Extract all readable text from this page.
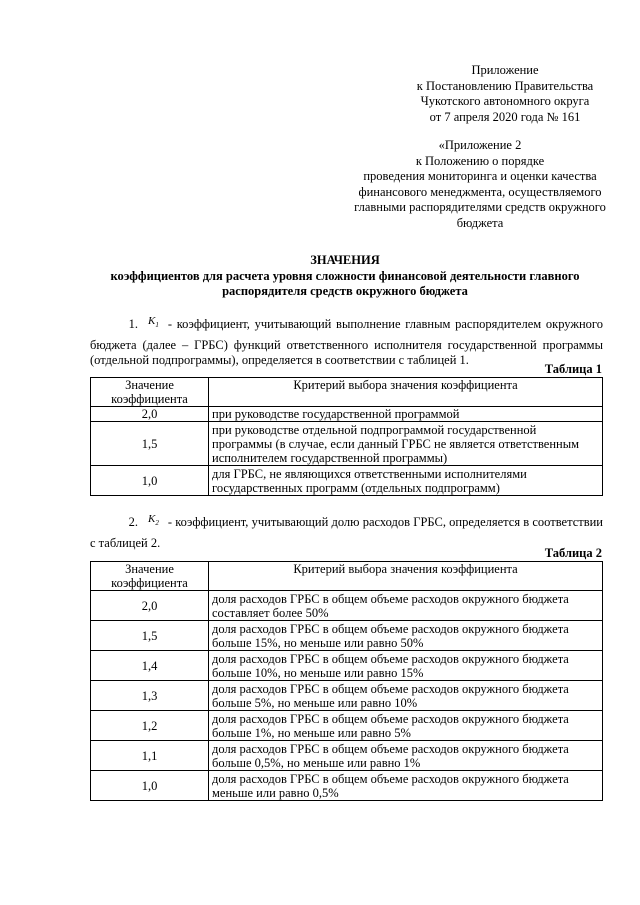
Приложение
к Постановлению Правительства
Чукотского автономного округа
от 7 апреля 2020 года № 161
«Приложение 2
к Положению о порядке
проведения мониторинга и оценки качества
финансового менеджмента, осуществляемого
главными распорядителями средств окружного
бюджета
ЗНАЧЕНИЯ
коэффициентов для расчета уровня сложности финансовой деятельности главного
распорядителя средств окружного бюджета
1. $K_1$ - коэффициент, учитывающий выполнение главным распорядителем окружного бюджета (далее – ГРБС) функций ответственного исполнителя государственной программы (отдельной подпрограммы), определяется в соответствии с таблицей 1.
Таблица 1
Значение коэффициента	Критерий выбора значения коэффициента
2,0	при руководстве государственной программой
1,5	при руководстве отдельной подпрограммой государственной программы (в случае, если данный ГРБС не является ответственным исполнителем государственной программы)
1,0	для ГРБС, не являющихся ответственными исполнителями государственных программ (отдельных подпрограмм)
2. $K_2$ - коэффициент, учитывающий долю расходов ГРБС, определяется в соответствии с таблицей 2.
Таблица 2
Значение коэффициента	Критерий выбора значения коэффициента
2,0	доля расходов ГРБС в общем объеме расходов окружного бюджета составляет более 50%
1,5	доля расходов ГРБС в общем объеме расходов окружного бюджета больше 15%, но меньше или равно 50%
1,4	доля расходов ГРБС в общем объеме расходов окружного бюджета больше 10%, но меньше или равно 15%
1,3	доля расходов ГРБС в общем объеме расходов окружного бюджета больше 5%, но меньше или равно 10%
1,2	доля расходов ГРБС в общем объеме расходов окружного бюджета больше 1%, но меньше или равно 5%
1,1	доля расходов ГРБС в общем объеме расходов окружного бюджета больше 0,5%, но меньше или равно 1%
1,0	доля расходов ГРБС в общем объеме расходов окружного бюджета меньше или равно 0,5%
